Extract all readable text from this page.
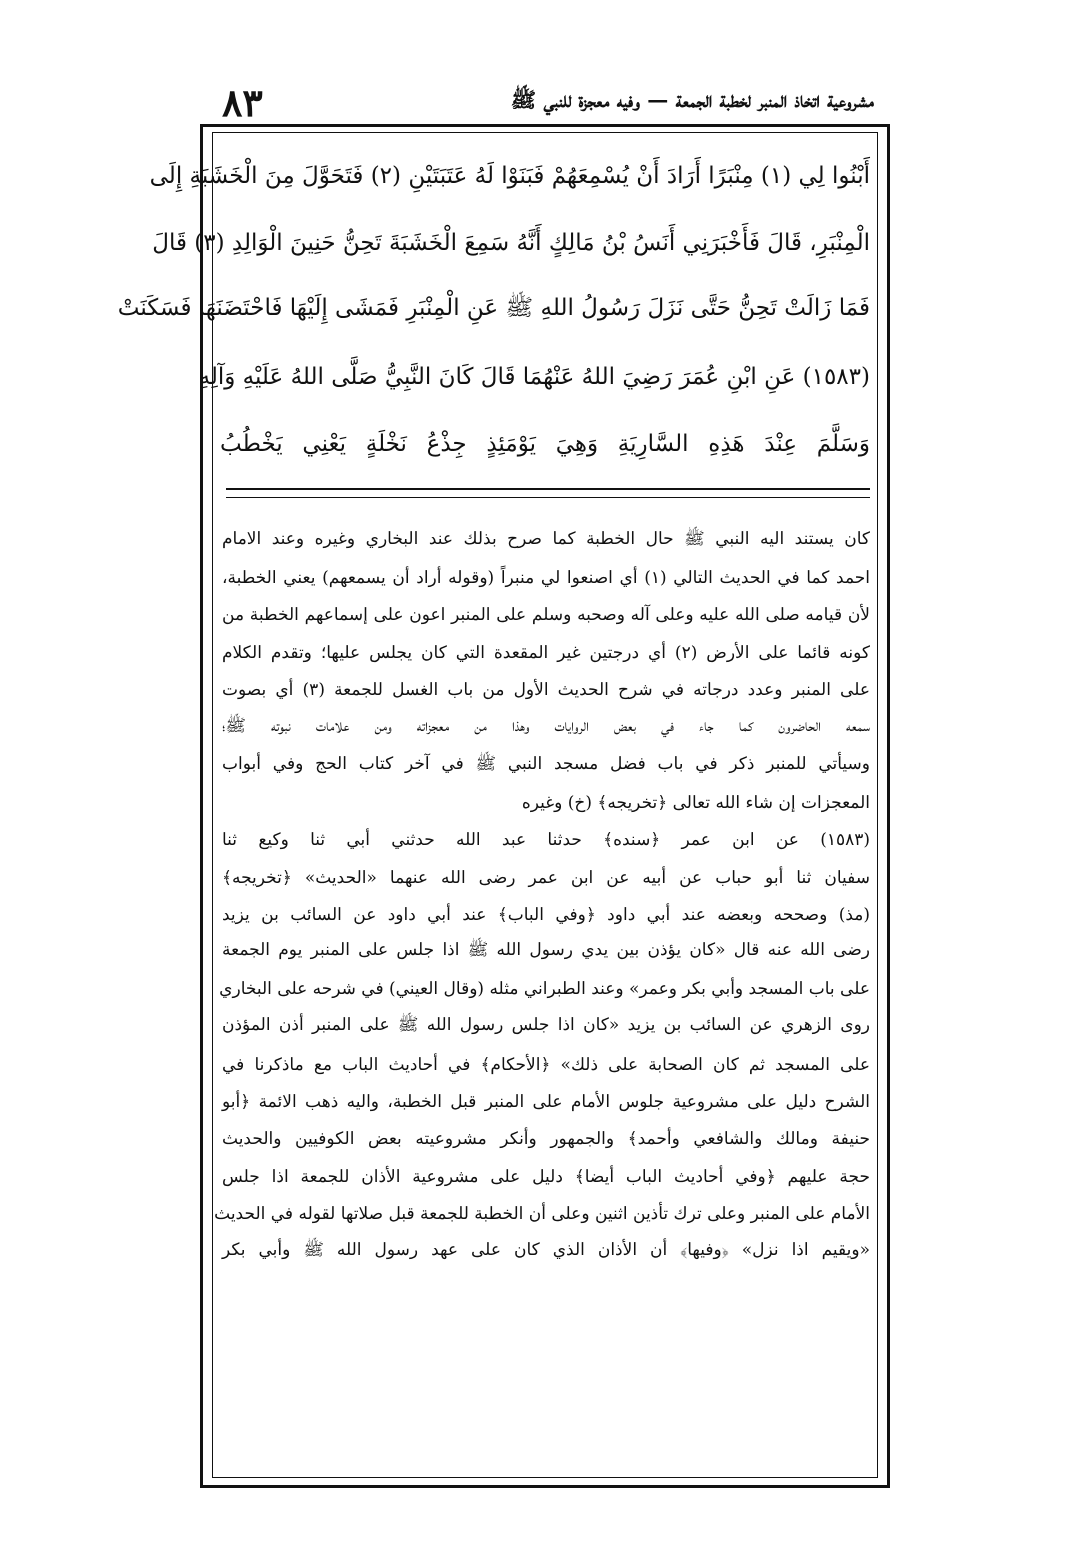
مشروعية اتخاذ المنبر لخطبة الجمعة — وفيه معجزة للنبي ﷺ
٨٣
أَبْنُوا لِي (١) مِنْبَرًا أَرَادَ أَنْ يُسْمِعَهُمْ فَبَنَوْا لَهُ عَتَبَتَيْنِ (٢) فَتَحَوَّلَ مِنَ الْخَشَبَةِ إِلَى
الْمِنْبَرِ، قَالَ فَأَخْبَرَنِي أَنَسُ بْنُ مَالِكٍ أَنَّهُ سَمِعَ الْخَشَبَةَ تَحِنُّ حَنِينَ الْوَالِدِ (٣) قَالَ
فَمَا زَالَتْ تَحِنُّ حَتَّى نَزَلَ رَسُولُ اللهِ ﷺ عَنِ الْمِنْبَرِ فَمَشَى إِلَيْهَا فَاحْتَضَنَهَا فَسَكَنَتْ
(١٥٨٣) عَنِ ابْنِ عُمَرَ رَضِيَ اللهُ عَنْهُمَا قَالَ كَانَ النَّبِيُّ صَلَّى اللهُ عَلَيْهِ وَآلِهِ
وَسَلَّمَ عِنْدَ هَذِهِ السَّارِيَةِ وَهِيَ يَوْمَئِذٍ جِذْعُ نَخْلَةٍ يَعْنِي يَخْطُبُ
كان يستند اليه النبي ﷺ حال الخطبة كما صرح بذلك عند البخاري وغيره وعند الامام
احمد كما في الحديث التالي (١) أي اصنعوا لي منبراً (وقوله أراد أن يسمعهم) يعني الخطبة،
لأن قيامه صلى الله عليه وعلى آله وصحبه وسلم على المنبر اعون على إسماعهم الخطبة من
كونه قائما على الأرض (٢) أي درجتين غير المقعدة التي كان يجلس عليها؛ وتقدم الكلام
على المنبر وعدد درجاته في شرح الحديث الأول من باب الغسل للجمعة (٣) أي بصوت
سمعه الحاضرون كما جاء في بعض الروايات وهذا من معجزاته ومن علامات نبوته ﷺ؛
وسيأتي للمنبر ذكر في باب فضل مسجد النبي ﷺ في آخر كتاب الحج وفي أبواب
المعجزات إن شاء الله تعالى ﴿تخريجه﴾ (خ) وغيره
(١٥٨٣) عن ابن عمر ﴿سنده﴾ حدثنا عبد الله حدثني أبي ثنا وكيع ثنا
سفيان ثنا أبو حباب عن أبيه عن ابن عمر رضى الله عنهما «الحديث» ﴿تخريجه﴾
(مذ) وصححه وبعضه عند أبي داود ﴿وفي الباب﴾ عند أبي داود عن السائب بن يزيد
رضى الله عنه قال «كان يؤذن بين يدي رسول الله ﷺ اذا جلس على المنبر يوم الجمعة
على باب المسجد وأبي بكر وعمر» وعند الطبراني مثله (وقال العيني) في شرحه على البخاري
روى الزهري عن السائب بن يزيد «كان اذا جلس رسول الله ﷺ على المنبر أذن المؤذن
على المسجد ثم كان الصحابة على ذلك» ﴿الأحكام﴾ في أحاديث الباب مع ماذكرنا في
الشرح دليل على مشروعية جلوس الأمام على المنبر قبل الخطبة، واليه ذهب الائمة ﴿أبو
حنيفة ومالك والشافعي وأحمد﴾ والجمهور وأنكر مشروعيته بعض الكوفيين والحديث
حجة عليهم ﴿وفي أحاديث الباب أيضا﴾ دليل على مشروعية الأذان للجمعة اذا جلس
الأمام على المنبر وعلى ترك تأذين اثنين وعلى أن الخطبة للجمعة قبل صلاتها لقوله في الحديث
«ويقيم اذا نزل» ﴿وفيها﴾ أن الأذان الذي كان على عهد رسول الله ﷺ وأبي بكر
